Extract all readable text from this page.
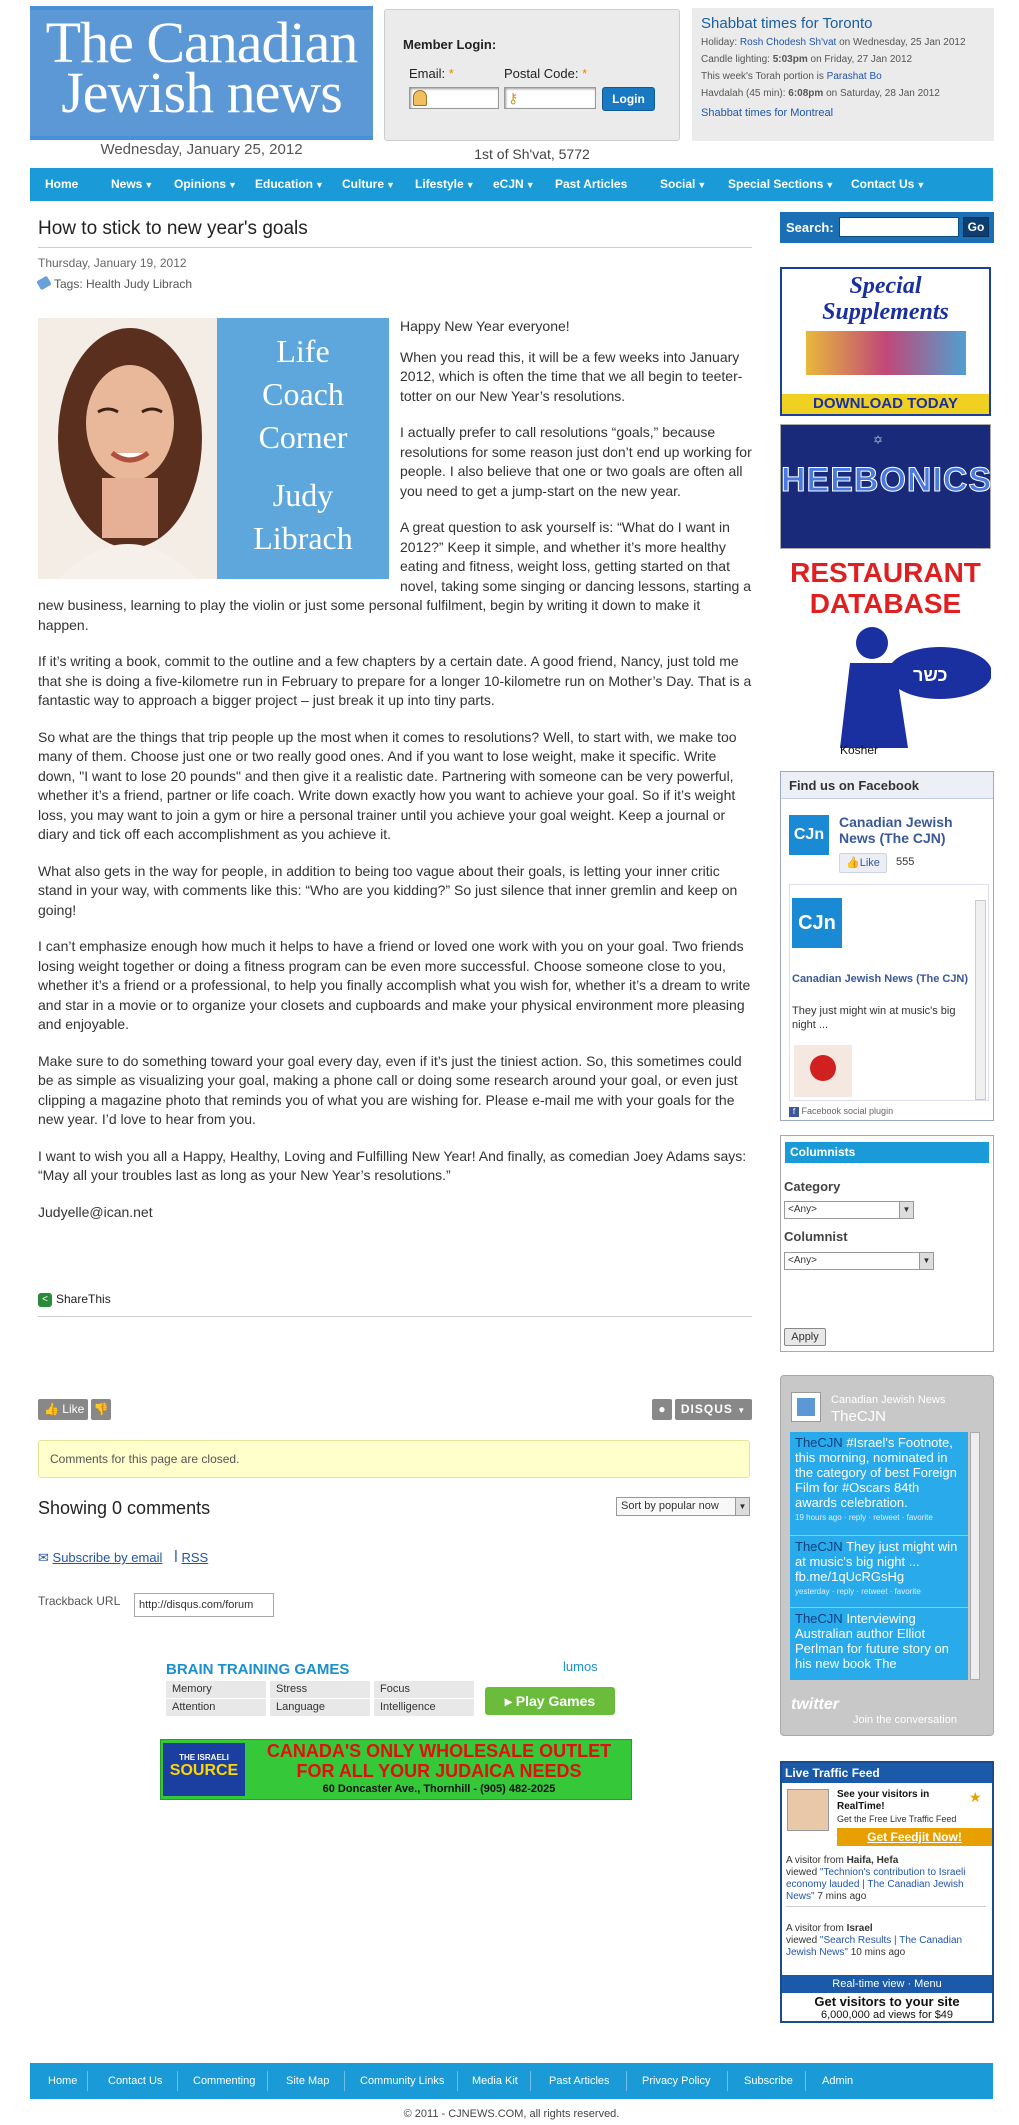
The Canadian
Jewish news
Wednesday, January 25, 2012
Member Login:
Email: *	Postal Code: *
⚷	Login
1st of Sh'vat, 5772
Shabbat times for Toronto
Holiday: Rosh Chodesh Sh'vat on Wednesday, 25 Jan 2012
Candle lighting: 5:03pm on Friday, 27 Jan 2012
This week's Torah portion is Parashat Bo
Havdalah (45 min): 6:08pm on Saturday, 28 Jan 2012
Shabbat times for Montreal
Home	News ▼ Opinions ▼ Education ▼ Culture ▼ Lifestyle ▼ eCJN ▼ Past Articles	Social ▼ Special Sections ▼ Contact Us ▼
How to stick to new year's goals
Thursday, January 19, 2012
Tags: Health Judy Librach
Life
Coach
Corner
Judy
Librach

Happy New Year everyone!

When you read this, it will be a few weeks into January 2012, which is often the time that we all begin to teeter-totter on our New Year’s resolutions.

I actually prefer to call resolutions “goals,” because resolutions for some reason just don’t end up working for people. I also believe that one or two goals are often all you need to get a jump-start on the new year.

A great question to ask yourself is: “What do I want in 2012?” Keep it simple, and whether it’s more healthy eating and fitness, weight loss, getting started on that novel, taking some singing or dancing lessons, starting a new business, learning to play the violin or just some personal fulfilment, begin by writing it down to make it happen.

If it’s writing a book, commit to the outline and a few chapters by a certain date. A good friend, Nancy, just told me that she is doing a five-kilometre run in February to prepare for a longer 10-kilometre run on Mother’s Day. That is a fantastic way to approach a bigger project – just break it up into tiny parts.

So what are the things that trip people up the most when it comes to resolutions? Well, to start with, we make too many of them. Choose just one or two really good ones. And if you want to lose weight, make it specific. Write down, "I want to lose 20 pounds" and then give it a realistic date. Partnering with someone can be very powerful, whether it’s a friend, partner or life coach. Write down exactly how you want to achieve your goal. So if it’s weight loss, you may want to join a gym or hire a personal trainer until you achieve your goal weight. Keep a journal or diary and tick off each accomplishment as you achieve it.

What also gets in the way for people, in addition to being too vague about their goals, is letting your inner critic stand in your way, with comments like this: “Who are you kidding?” So just silence that inner gremlin and keep on going!

I can’t emphasize enough how much it helps to have a friend or loved one work with you on your goal. Two friends losing weight together or doing a fitness program can be even more successful. Choose someone close to you, whether it’s a friend or a professional, to help you finally accomplish what you wish for, whether it’s a dream to write and star in a movie or to organize your closets and cupboards and make your physical environment more pleasing and enjoyable.

Make sure to do something toward your goal every day, even if it’s just the tiniest action. So, this sometimes could be as simple as visualizing your goal, making a phone call or doing some research around your goal, or even just clipping a magazine photo that reminds you of what you are wishing for. Please e-mail me with your goals for the new year. I’d love to hear from you.

I want to wish you all a Happy, Healthy, Loving and Fulfilling New Year! And finally, as comedian Joey Adams says: “May all your troubles last as long as your New Year’s resolutions.”

Judyelle@ican.net

< ShareThis
👍 Like 👎	●	DISQUS ▼
Comments for this page are closed.
Showing 0 comments	Sort by popular now	▼
✉ Subscribe by email ꟾ RSS
Trackback URL	http://disqus.com/forum
BRAIN TRAINING GAMES	lumos
Memory	Stress	Focus
Attention	Language	Intelligence	▸ Play Games
THE ISRAELI
SOURCE
CANADA'S ONLY WHOLESALE OUTLET
FOR ALL YOUR JUDAICA NEEDS
60 Doncaster Ave., Thornhill - (905) 482-2025
Search:	Go
Special
Supplements
DOWNLOAD TODAY
HEEBONICS
✡
RESTAURANT
DATABASE
כשר
Kosher
Find us on Facebook
CJn
Canadian Jewish News (The CJN)
👍Like	555
CJn
Canadian Jewish News (The CJN)
They just might win at music's big night ...
f Facebook social plugin
Columnists
Category
<Any>	▼
Columnist
<Any>	▼
Apply
Canadian Jewish News
TheCJN
TheCJN #Israel's Footnote, this morning, nominated in the category of best Foreign Film for #Oscars 84th awards celebration.
19 hours ago · reply · retweet · favorite
TheCJN They just might win at music's big night ... fb.me/1qUcRGsHg
yesterday · reply · retweet · favorite
TheCJN Interviewing Australian author Elliot Perlman for future story on his new book The
twitter
Join the conversation
Live Traffic Feed
See your visitors in RealTime!
★
Get the Free Live Traffic Feed
Get Feedjit Now!
A visitor from Haifa, Hefa
viewed "Technion's contribution to Israeli economy lauded | The Canadian Jewish News" 7 mins ago
A visitor from Israel
viewed "Search Results | The Canadian Jewish News" 10 mins ago
Real-time view · Menu
Get visitors to your site
6,000,000 ad views for $49
Home	Contact Us	Commenting	Site Map	Community Links	Media Kit	Past Articles	Privacy Policy	Subscribe	Admin
© 2011 - CJNEWS.COM, all rights reserved.
